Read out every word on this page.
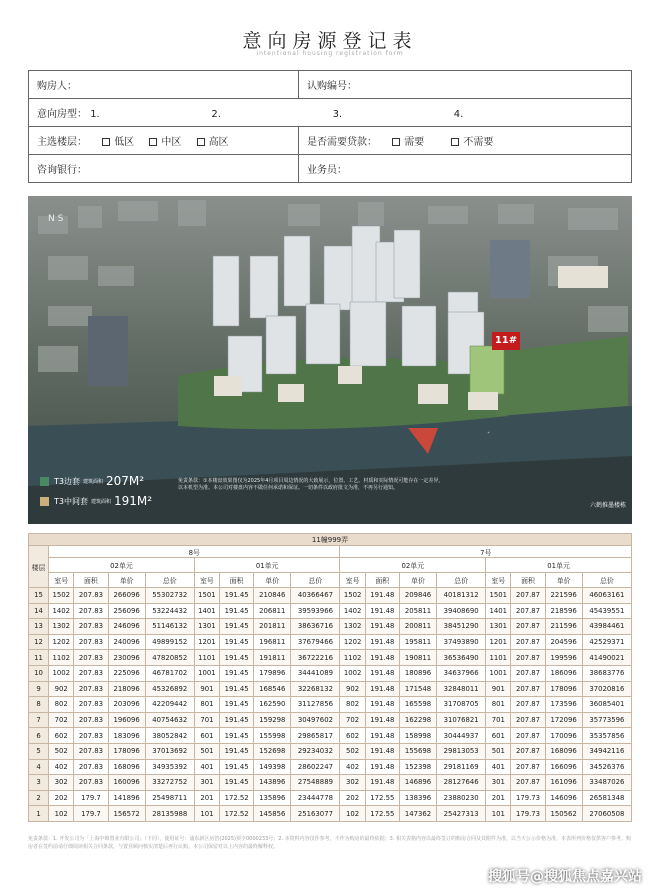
意向房源登记表
intentional housing registration form
购房人：	认购编号：
意向房型： 1. 2. 3. 4.	
主选楼层： 低区 中区 高区	是否需要贷款： 需要 不需要
咨询银行：	业务员：
N S
11#
T3边套 建筑面积 207M²
T3中间套 建筑面积 191M²
免责条款：①本楼盘效果图仅为2025年4月项目周边情况的大致展示，位置、工艺、材质和实际情况可能存在一定差异，以本机型为准。本公司对楼盘内容不做任何承诺和保证。一切条件以政府批文为准，不再另行通知。
六鹤推墨楼栋
11幢999弄																
楼层	8号								7号							
	02单元				01单元				02单元				01单元			
	室号	面积	单价	总价	室号	面积	单价	总价	室号	面积	单价	总价	室号	面积	单价	总价
15	1502	207.83	266096	55302732	1501	191.45	210846	40366467	1502	191.48	209846	40181312	1501	207.87	221596	46063161
14	1402	207.83	256096	53224432	1401	191.45	206811	39593966	1402	191.48	205811	39408690	1401	207.87	218596	45439551
13	1302	207.83	246096	51146132	1301	191.45	201811	38636716	1302	191.48	200811	38451290	1301	207.87	211596	43984461
12	1202	207.83	240096	49899152	1201	191.45	196811	37679466	1202	191.48	195811	37493890	1201	207.87	204596	42529371
11	1102	207.83	230096	47820852	1101	191.45	191811	36722216	1102	191.48	190811	36536490	1101	207.87	199596	41490021
10	1002	207.83	225096	46781702	1001	191.45	179896	34441089	1002	191.48	180896	34637966	1001	207.87	186096	38683776
9	902	207.83	218096	45326892	901	191.45	168546	32268132	902	191.48	171548	32848011	901	207.87	178096	37020816
8	802	207.83	203096	42209442	801	191.45	162590	31127856	802	191.48	165598	31708705	801	207.87	173596	36085401
7	702	207.83	196096	40754632	701	191.45	159298	30497602	702	191.48	162298	31076821	701	207.87	172096	35773596
6	602	207.83	183096	38052842	601	191.45	155998	29865817	602	191.48	158998	30444937	601	207.87	170096	35357856
5	502	207.83	178096	37013692	501	191.45	152698	29234032	502	191.48	155698	29813053	501	207.87	168096	34942116
4	402	207.83	168096	34935392	401	191.45	149398	28602247	402	191.48	152398	29181169	401	207.87	166096	34526376
3	302	207.83	160096	33272752	301	191.45	143896	27548889	302	191.48	146896	28127646	301	207.87	161096	33487026
2	202	179.7	141896	25498711	201	172.52	135896	23444778	202	172.55	138396	23880230	201	179.73	146096	26581348
1	102	179.7	156572	28135988	101	172.52	145856	25163077	102	172.55	147362	25427313	101	179.73	150562	27060508
免责条款：1. 开发公司为「上海中锦置业有限公司」（下同），使用证号：浦东新区房管(2025)预字0000233号；2. 本资料内容仅作参考，不作为购房的最终依据；3. 相关表格内容以最终签订的购房合同及其附件为准，以当天公示价格为准，本表所列价格仅供客户参考。购房者在签约前请仔细阅读相关合同条款，与置业顾问核实清楚后再行认购。本公司保留对以上内容的最终解释权。
搜狐号@搜狐焦点嘉兴站
